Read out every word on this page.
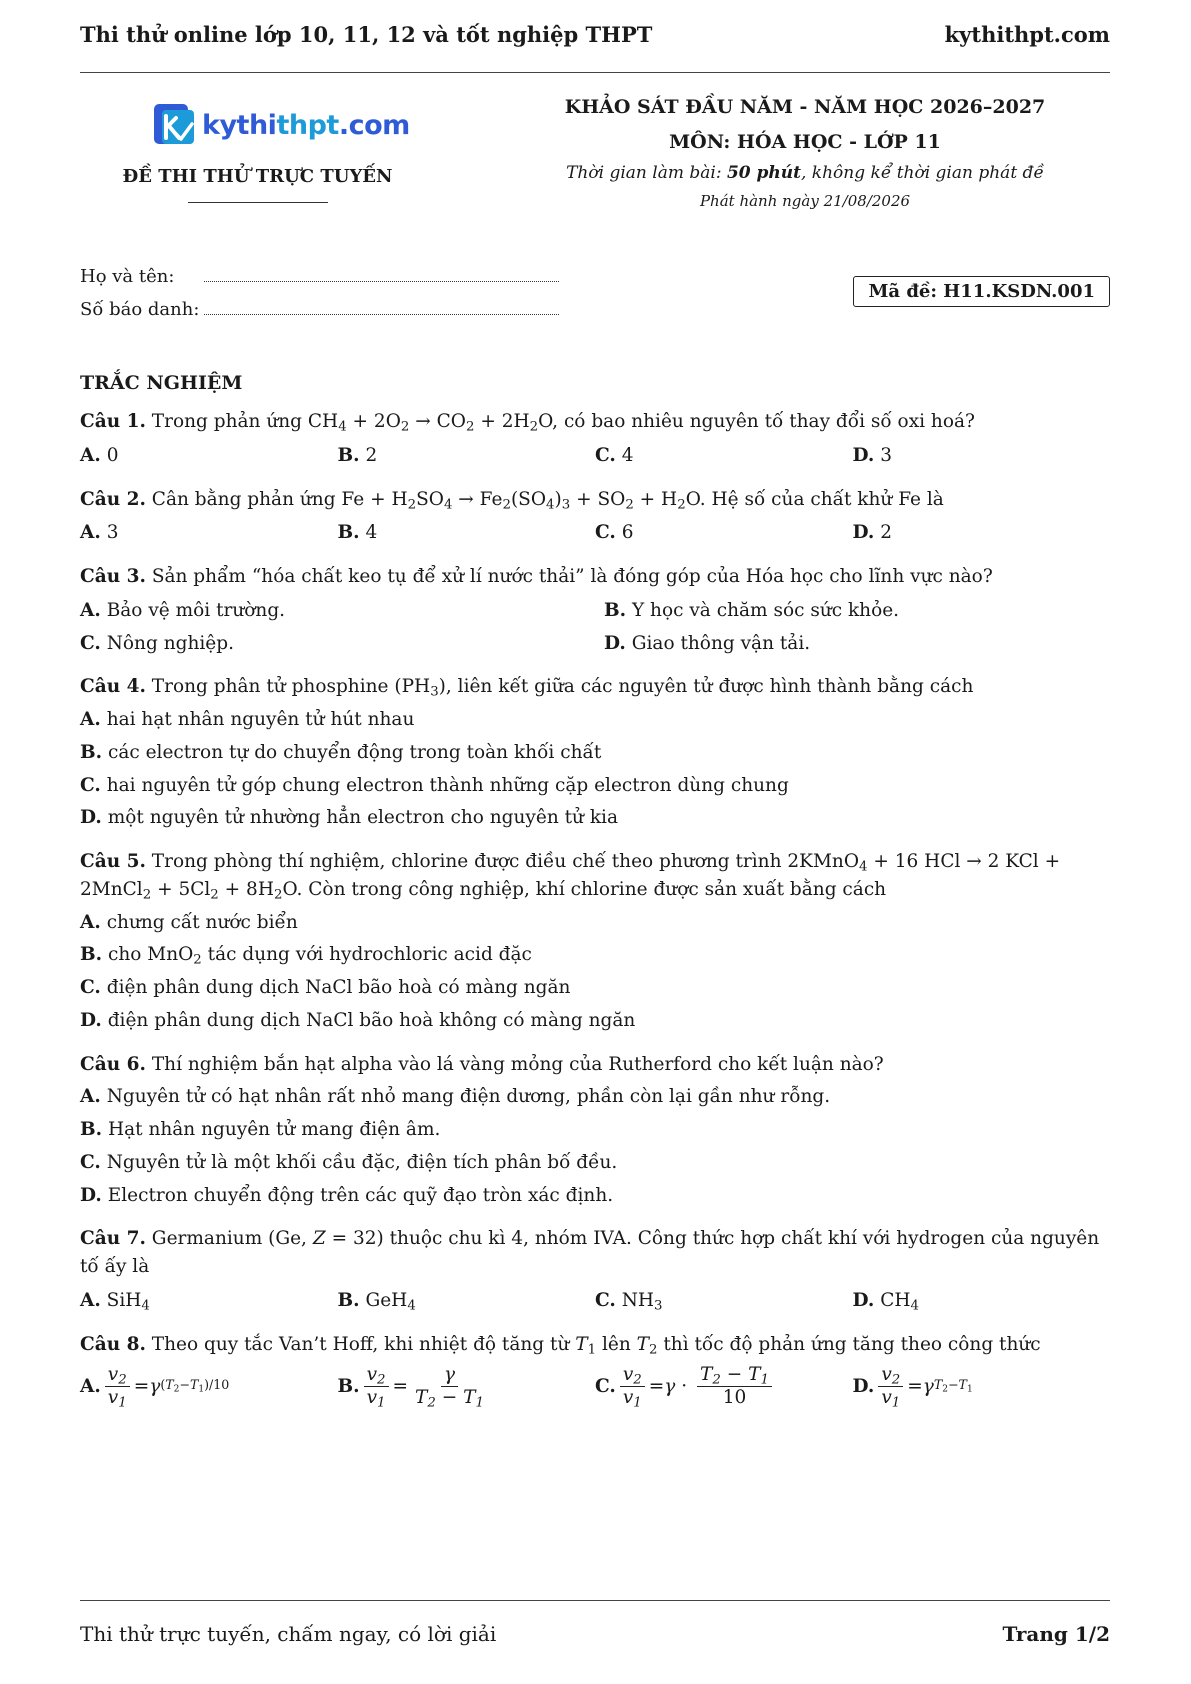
Thi thử online lớp 10, 11, 12 và tốt nghiệp THPT	kythithpt.com
kythithpt.com
ĐỀ THI THỬ TRỰC TUYẾN
KHẢO SÁT ĐẦU NĂM - NĂM HỌC 2026–2027
MÔN: HÓA HỌC - LỚP 11
Thời gian làm bài: 50 phút, không kể thời gian phát đề
Phát hành ngày 21/08/2026
Họ và tên:
Số báo danh:
Mã đề: H11.KSDN.001
TRẮC NGHIỆM
Câu 1. Trong phản ứng $CH_4 + 2O_2 \to CO_2 + 2H_2O$, có bao nhiêu nguyên tố thay đổi số oxi hoá?
A. 0	B. 2	C. 4	D. 3
Câu 2. Cân bằng phản ứng $Fe + H_2SO_4 \to Fe_2(SO_4)_3 + SO_2 + H_2O$. Hệ số của chất khử Fe là
A. 3	B. 4	C. 6	D. 2
Câu 3. Sản phẩm “hóa chất keo tụ để xử lí nước thải” là đóng góp của Hóa học cho lĩnh vực nào?
A. Bảo vệ môi trường.	B. Y học và chăm sóc sức khỏe.
C. Nông nghiệp.	D. Giao thông vận tải.
Câu 4. Trong phân tử phosphine $(PH_3)$, liên kết giữa các nguyên tử được hình thành bằng cách
A. hai hạt nhân nguyên tử hút nhau
B. các electron tự do chuyển động trong toàn khối chất
C. hai nguyên tử góp chung electron thành những cặp electron dùng chung
D. một nguyên tử nhường hẳn electron cho nguyên tử kia
Câu 5. Trong phòng thí nghiệm, chlorine được điều chế theo phương trình 2KMnO$_4$ + 16 HCl → 2 KCl + 2MnCl$_2$ + $5Cl_2 + 8H_2O$. Còn trong công nghiệp, khí chlorine được sản xuất bằng cách
A. chưng cất nước biển
B. cho MnO$_2$ tác dụng với hydrochloric acid đặc
C. điện phân dung dịch NaCl bão hoà có màng ngăn
D. điện phân dung dịch NaCl bão hoà không có màng ngăn
Câu 6. Thí nghiệm bắn hạt alpha vào lá vàng mỏng của Rutherford cho kết luận nào?
A. Nguyên tử có hạt nhân rất nhỏ mang điện dương, phần còn lại gần như rỗng.
B. Hạt nhân nguyên tử mang điện âm.
C. Nguyên tử là một khối cầu đặc, điện tích phân bố đều.
D. Electron chuyển động trên các quỹ đạo tròn xác định.
Câu 7. Germanium (Ge, Z = 32) thuộc chu kì 4, nhóm IVA. Công thức hợp chất khí với hydrogen của nguyên tố ấy là
A. SiH$_4$	B. GeH$_4$	C. $NH_3$	D. $CH_4$
Câu 8. Theo quy tắc Van’t Hoff, khi nhiệt độ tăng từ $T_1$ lên $T_2$ thì tốc độ phản ứng tăng theo công thức
A. $\frac{v_2}{v_1} = \gamma$ $(T_2-T_1)/10$	B. $\frac{v_2}{v_1} = \frac{\gamma}{T_2 - T_1}$	C. $\frac{v_2}{v_1} = \gamma \cdot \frac{T_2 - T_1}{10}$	D. $\frac{v_2}{v_1} = \gamma$ $T_2-T_1$
Thi thử trực tuyến, chấm ngay, có lời giải	Trang 1/2
